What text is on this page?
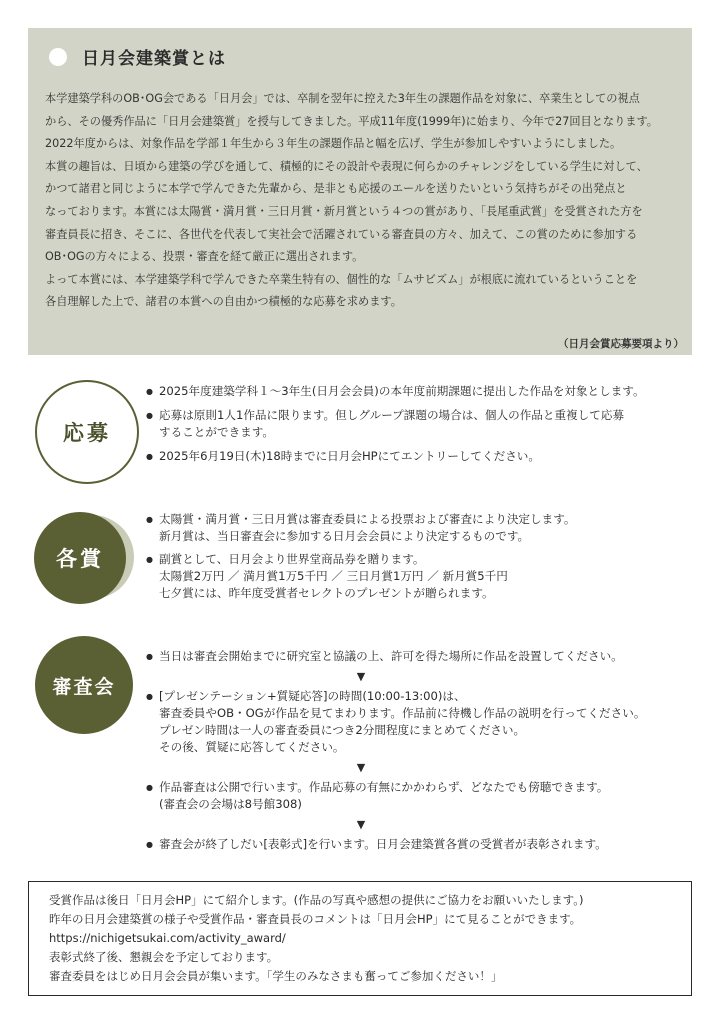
日月会建築賞とは

本学建築学科のOB･OG会である「日月会」では、卒制を翌年に控えた3年生の課題作品を対象に、卒業生としての視点

から、その優秀作品に「日月会建築賞」を授与してきました。平成11年度(1999年)に始まり、今年で27回目となります。

2022年度からは、対象作品を学部１年生から３年生の課題作品と幅を広げ、学生が参加しやすいようにしました。

本賞の趣旨は、日頃から建築の学びを通して、積極的にその設計や表現に何らかのチャレンジをしている学生に対して、

かつて諸君と同じように本学で学んできた先輩から、是非とも応援のエールを送りたいという気持ちがその出発点と

なっております。本賞には太陽賞・満月賞・三日月賞・新月賞という４つの賞があり、「長尾重武賞」を受賞された方を

審査員長に招き、そこに、各世代を代表して実社会で活躍されている審査員の方々、加えて、この賞のために参加する

OB･OGの方々による、投票・審査を経て厳正に選出されます。

よって本賞には、本学建築学科で学んできた卒業生特有の、個性的な「ムサビズム」が根底に流れているということを

各自理解した上で、諸君の本賞への自由かつ積極的な応募を求めます。

（日月会賞応募要項より）
応募

● 2025年度建築学科１～3年生(日月会会員)の本年度前期課題に提出した作品を対象とします。

● 応募は原則1人1作品に限ります。但しグループ課題の場合は、個人の作品と重複して応募

することができます。

● 2025年6月19日(木)18時までに日月会HPにてエントリーしてください。

各賞

● 太陽賞・満月賞・三日月賞は審査委員による投票および審査により決定します。

新月賞は、当日審査会に参加する日月会会員により決定するものです。

● 副賞として、日月会より世界堂商品券を贈ります。

太陽賞2万円 ／ 満月賞1万5千円 ／ 三日月賞1万円 ／ 新月賞5千円

七夕賞には、昨年度受賞者セレクトのプレゼントが贈られます。

審査会

● 当日は審査会開始までに研究室と協議の上、許可を得た場所に作品を設置してください。

▼

● [プレゼンテーション+質疑応答]の時間(10:00-13:00)は、

審査委員やOB・OGが作品を見てまわります。作品前に待機し作品の説明を行ってください。

プレゼン時間は一人の審査委員につき2分間程度にまとめてください。

その後、質疑に応答してください。

▼

● 作品審査は公開で行います。作品応募の有無にかかわらず、どなたでも傍聴できます。

(審査会の会場は8号館308)

▼

● 審査会が終了しだい[表彰式]を行います。日月会建築賞各賞の受賞者が表彰されます。

受賞作品は後日「日月会HP」にて紹介します。(作品の写真や感想の提供にご協力をお願いいたします。)

昨年の日月会建築賞の様子や受賞作品・審査員長のコメントは「日月会HP」にて見ることができます。

https://nichigetsukai.com/activity_award/

表彰式終了後、懇親会を予定しております。

審査委員をはじめ日月会会員が集います。「学生のみなさまも奮ってご参加ください！」
